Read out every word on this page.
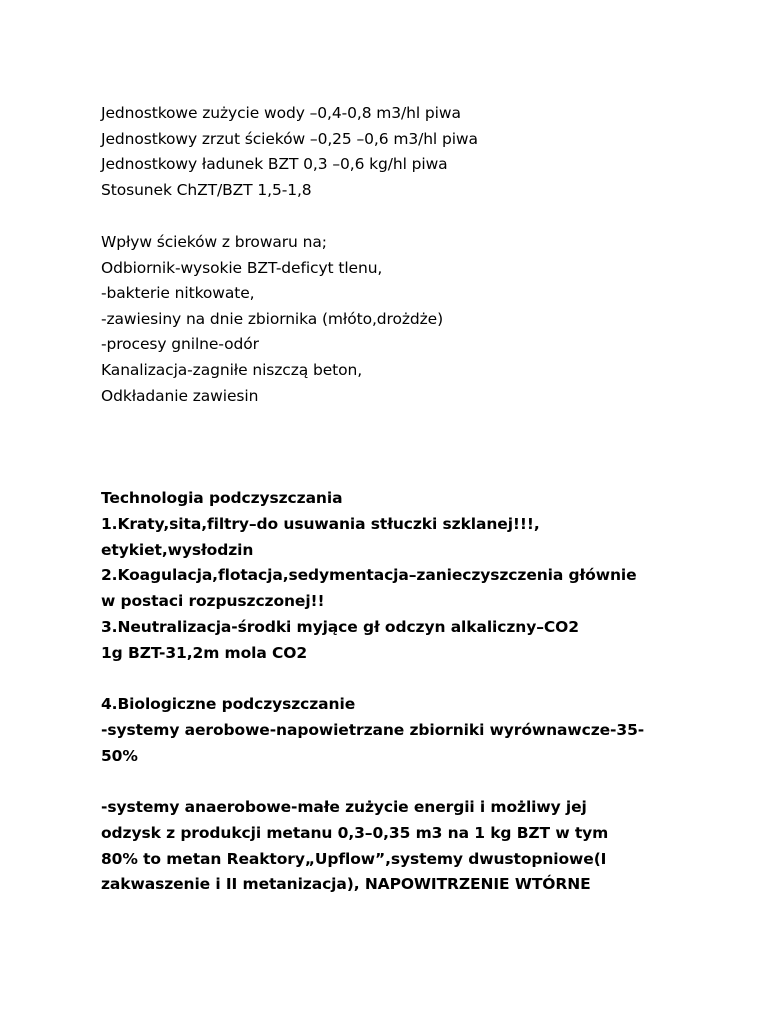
Jednostkowe zużycie wody –0,4-0,8 m3/hl piwa
Jednostkowy zrzut ścieków –0,25 –0,6 m3/hl piwa
Jednostkowy ładunek BZT 0,3 –0,6 kg/hl piwa
Stosunek ChZT/BZT 1,5-1,8
Wpływ ścieków z browaru na;
Odbiornik-wysokie BZT-deficyt tlenu,
-bakterie nitkowate,
-zawiesiny na dnie zbiornika (młóto,drożdże)
-procesy gnilne-odór
Kanalizacja-zagniłe niszczą beton,
Odkładanie zawiesin
Technologia podczyszczania
1.Kraty,sita,filtry–do usuwania stłuczki szklanej!!!,
etykiet,wysłodzin
2.Koagulacja,flotacja,sedymentacja–zanieczyszczenia głównie
w postaci rozpuszczonej!!
3.Neutralizacja-środki myjące gł odczyn alkaliczny–CO2
1g BZT-31,2m mola CO2
4.Biologiczne podczyszczanie
-systemy aerobowe-napowietrzane zbiorniki wyrównawcze-35-
50%
-systemy anaerobowe-małe zużycie energii i możliwy jej
odzysk z produkcji metanu 0,3–0,35 m3 na 1 kg BZT w tym
80% to metan Reaktory„Upflow”,systemy dwustopniowe(I
zakwaszenie i II metanizacja), NAPOWITRZENIE WTÓRNE
